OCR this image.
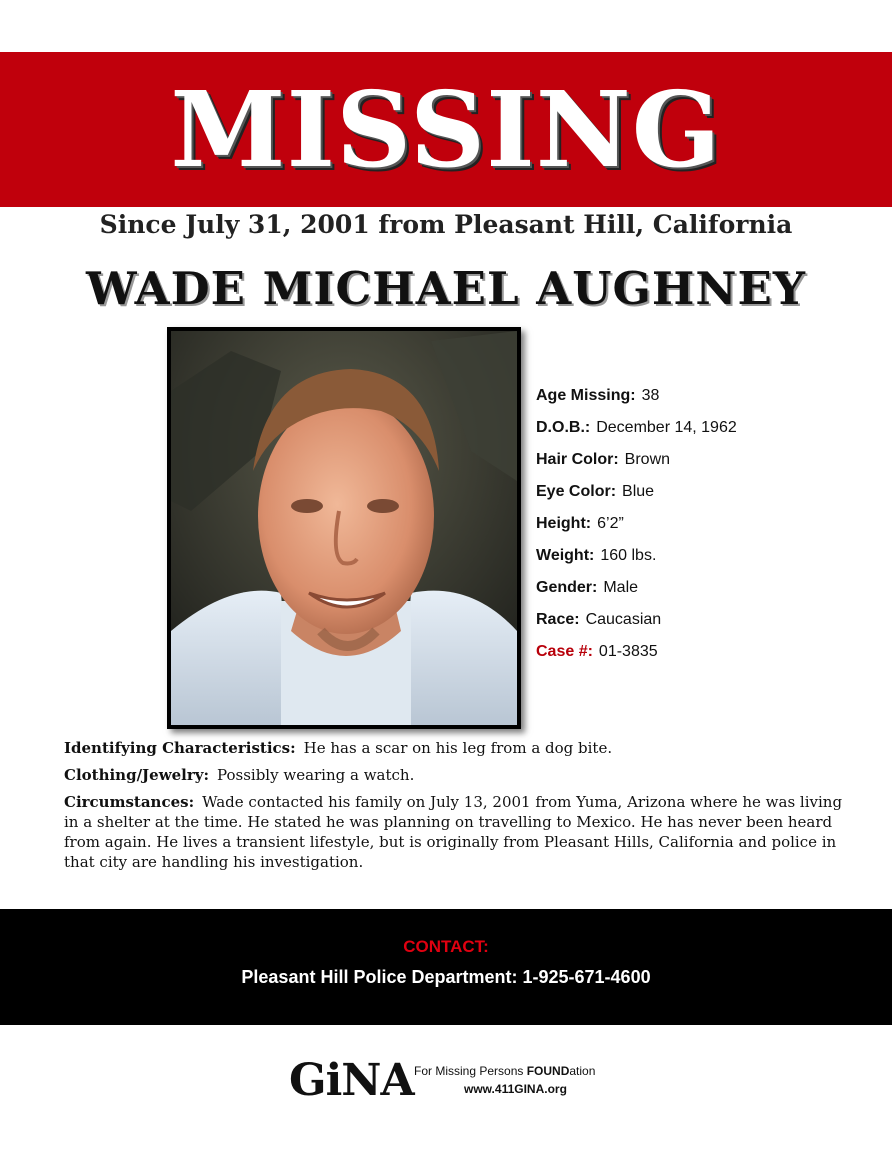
MISSING
Since July 31, 2001 from Pleasant Hill, California
WADE MICHAEL AUGHNEY
Age Missing: 38
D.O.B.: December 14, 1962
Hair Color: Brown
Eye Color: Blue
Height: 6’2”
Weight: 160 lbs.
Gender: Male
Race: Caucasian
Case #: 01-3835

Identifying Characteristics: He has a scar on his leg from a dog bite.

Clothing/Jewelry: Possibly wearing a watch.

Circumstances: Wade contacted his family on July 13, 2001 from Yuma, Arizona where he was living in a shelter at the time. He stated he was planning on travelling to Mexico. He has never been heard from again. He lives a transient lifestyle, but is originally from Pleasant Hills, California and police in that city are handling his investigation.

CONTACT:
Pleasant Hill Police Department: 1-925-671-4600
GiNA For Missing Persons FOUNDation
www.411GINA.org
